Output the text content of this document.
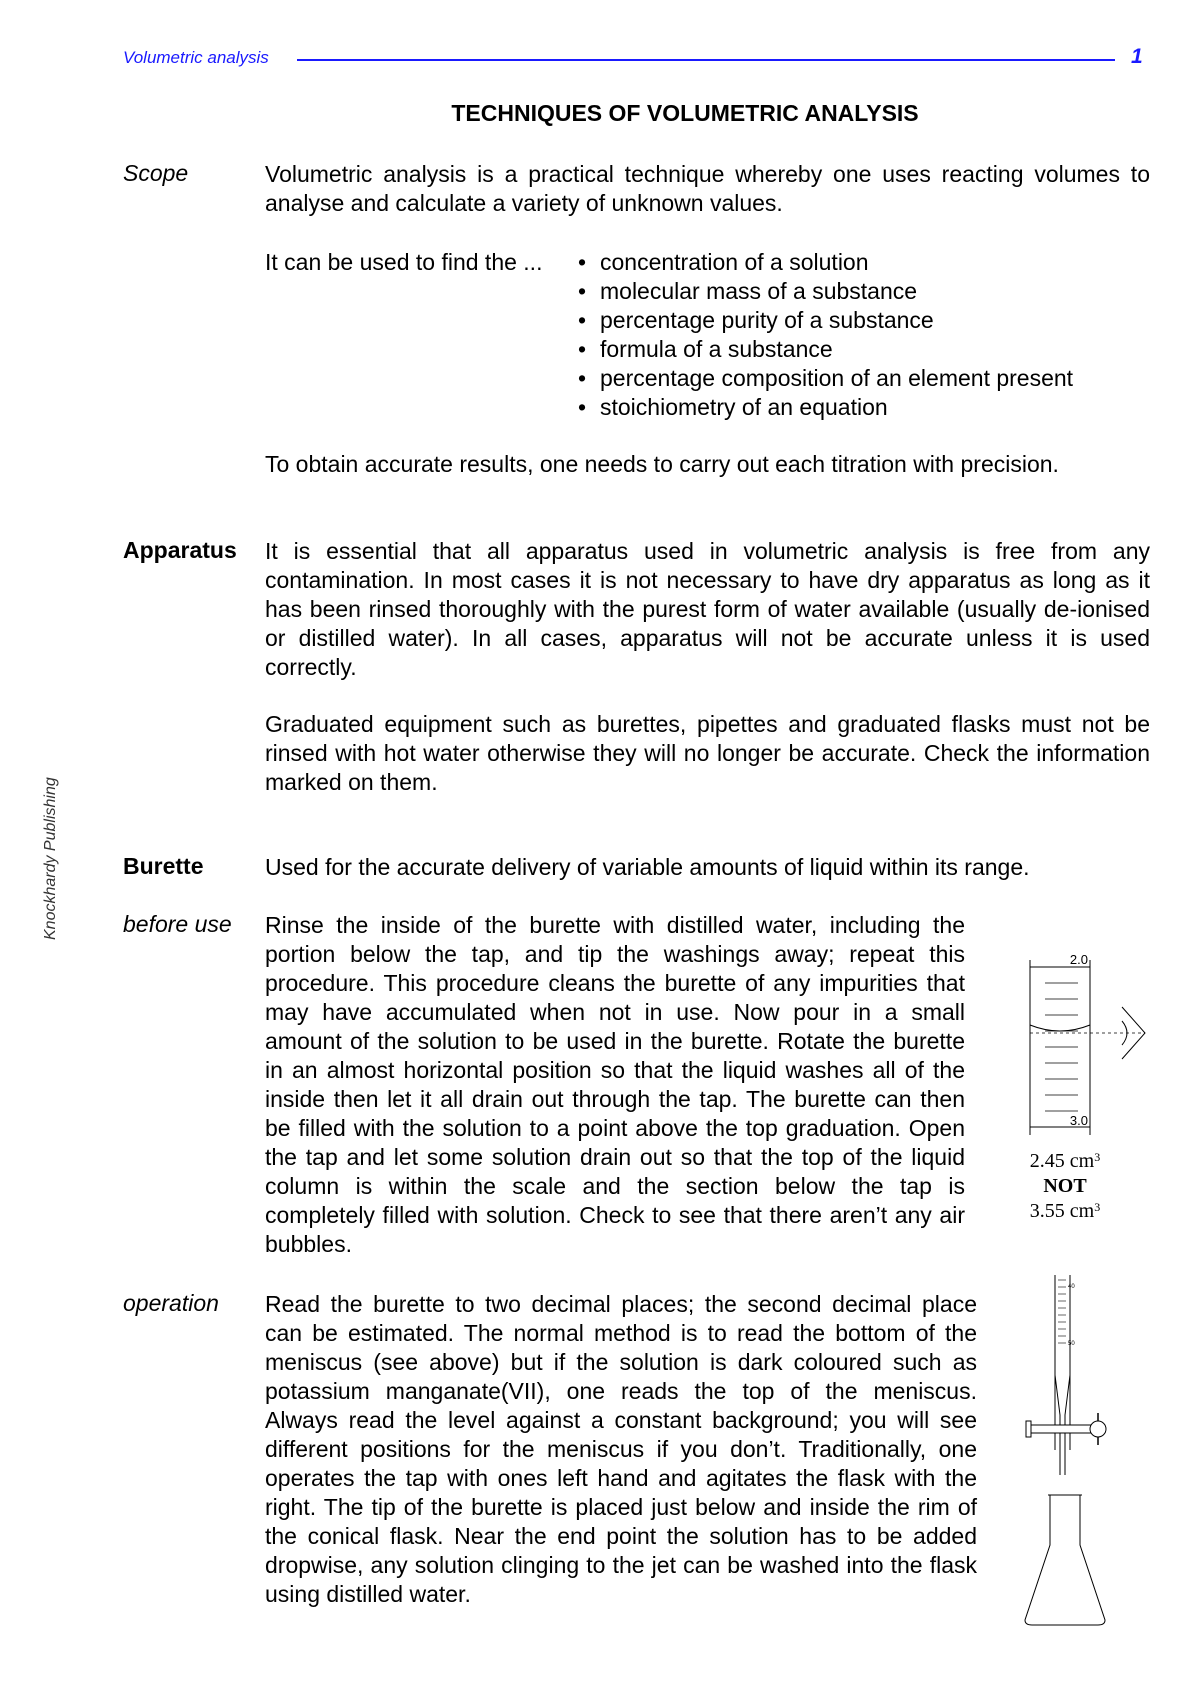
Volumetric analysis	1
Knockhardy Publishing
TECHNIQUES OF VOLUMETRIC ANALYSIS
Scope	Volumetric analysis is a practical technique whereby one uses reacting volumes to analyse and calculate a variety of unknown values.

It can be used to find the ...
•	concentration of a solution
• molecular mass of a substance
• percentage purity of a substance
• formula of a substance
• percentage composition of an element present
• stoichiometry of an equation

To obtain accurate results, one needs to carry out each titration with precision.

Apparatus It is essential that all apparatus used in volumetric analysis is free from any contamination. In most cases it is not necessary to have dry apparatus as long as it has been rinsed thoroughly with the purest form of water available (usually de-ionised or distilled water). In all cases, apparatus will not be accurate unless it is used correctly.

Graduated equipment such as burettes, pipettes and graduated flasks must not be rinsed with hot water otherwise they will no longer be accurate. Check the information marked on them.

Burette	Used for the accurate delivery of variable amounts of liquid within its range.

before use Rinse the inside of the burette with distilled water, including the portion below the tap, and tip the washings away; repeat this procedure. This procedure cleans the burette of any impurities that may have accumulated when not in use. Now pour in a small amount of the solution to be used in the burette. Rotate the burette in an almost horizontal position so that the liquid washes all of the inside then let it all drain out through the tap. The burette can then be filled with the solution to a point above the top graduation. Open the tap and let some solution drain out so that the top of the liquid column is within the scale and the section below the tap is completely filled with solution. Check to see that there aren’t any air bubbles.

operation Read the burette to two decimal places; the second decimal place can be estimated. The normal method is to read the bottom of the meniscus (see above) but if the solution is dark coloured such as potassium manganate(VII), one reads the top of the meniscus. Always read the level against a constant background; you will see different positions for the meniscus if you don’t. Traditionally, one operates the tap with ones left hand and agitates the flask with the right. The tip of the burette is placed just below and inside the rim of the conical flask. Near the end point the solution has to be added dropwise, any solution clinging to the jet can be washed into the flask using distilled water.

2.0
3.0
2.45 $cm^3$
NOT
3.55 $cm^3$
40
50
